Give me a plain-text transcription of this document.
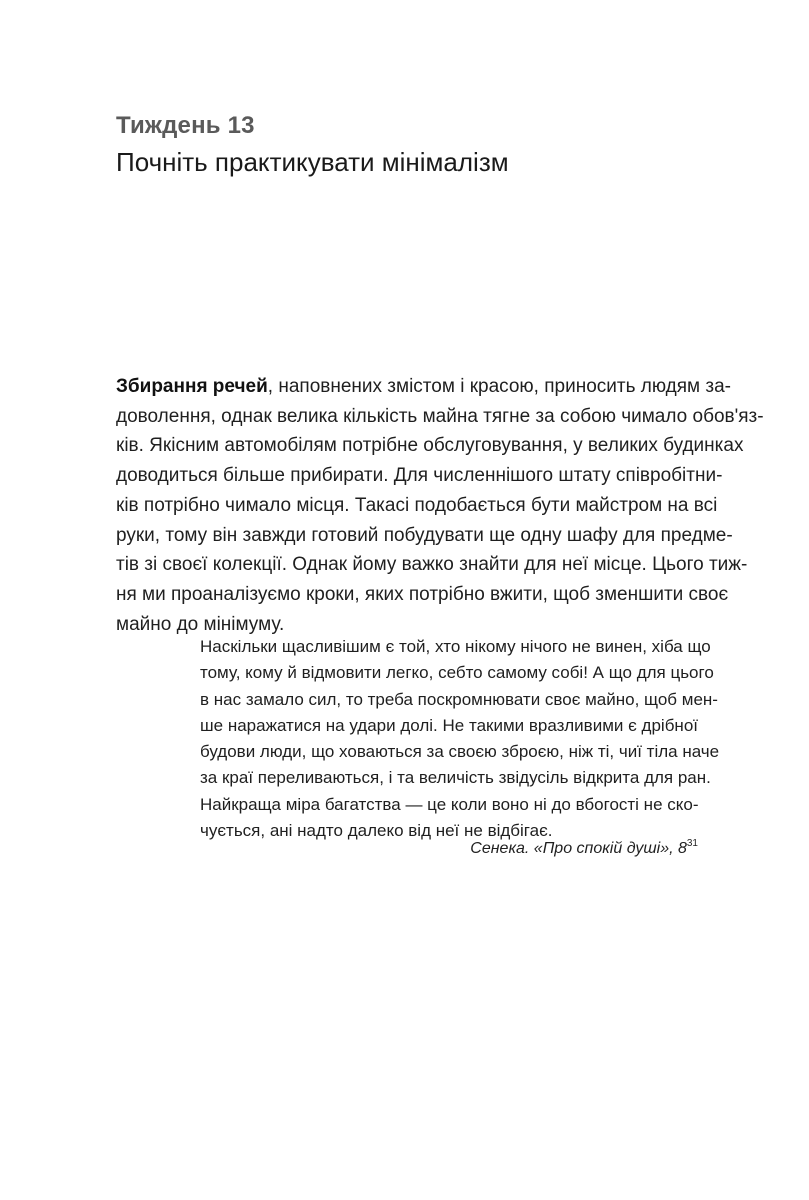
Тиждень 13
Почніть практикувати мінімалізм
Збирання речей, наповнених змістом і красою, приносить людям за-
доволення, однак велика кількість майна тягне за собою чимало обов'яз-
ків. Якісним автомобілям потрібне обслуговування, у великих будинках
доводиться більше прибирати. Для численнішого штату співробітни-
ків потрібно чимало місця. Такасі подобається бути майстром на всі
руки, тому він завжди готовий побудувати ще одну шафу для предме-
тів зі своєї колекції. Однак йому важко знайти для неї місце. Цього тиж-
ня ми проаналізуємо кроки, яких потрібно вжити, щоб зменшити своє
майно до мінімуму.
Наскільки щасливішим є той, хто нікому нічого не винен, хіба що
тому, кому й відмовити легко, себто самому собі! А що для цього
в нас замало сил, то треба поскромнювати своє майно, щоб мен-
ше наражатися на удари долі. Не такими вразливими є дрібної
будови люди, що ховаються за своєю зброєю, ніж ті, чиї тіла наче
за краї переливаються, і та величість звідусіль відкрита для ран.
Найкраща міра багатства — це коли воно ні до вбогості не ско-
чується, ані надто далеко від неї не відбігає.
Сенека. «Про спокій душі», $8^{31}$
